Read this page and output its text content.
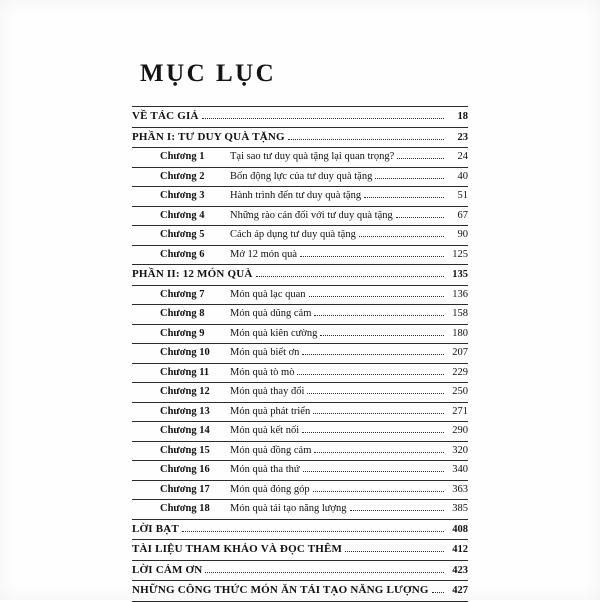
MỤC LỤC
VỀ TÁC GIẢ	18
PHẦN I: TƯ DUY QUÀ TẶNG	23
Chương 1	Tại sao tư duy quà tặng lại quan trọng?	24
Chương 2	Bốn động lực của tư duy quà tặng	40
Chương 3	Hành trình đến tư duy quà tặng	51
Chương 4	Những rào cản đối với tư duy quà tặng	67
Chương 5	Cách áp dụng tư duy quà tặng	90
Chương 6	Mở 12 món quà	125
PHẦN II: 12 MÓN QUÀ	135
Chương 7	Món quà lạc quan	136
Chương 8	Món quà dũng cảm	158
Chương 9	Món quà kiên cường	180
Chương 10	Món quà biết ơn	207
Chương 11	Món quà tò mò	229
Chương 12	Món quà thay đổi	250
Chương 13	Món quà phát triển	271
Chương 14	Món quà kết nối	290
Chương 15	Món quà đồng cảm	320
Chương 16	Món quà tha thứ	340
Chương 17	Món quà đóng góp	363
Chương 18	Món quà tái tạo năng lượng	385
LỜI BẠT	408
TÀI LIỆU THAM KHẢO VÀ ĐỌC THÊM	412
LỜI CẢM ƠN	423
NHỮNG CÔNG THỨC MÓN ĂN TÁI TẠO NĂNG LƯỢNG	427
